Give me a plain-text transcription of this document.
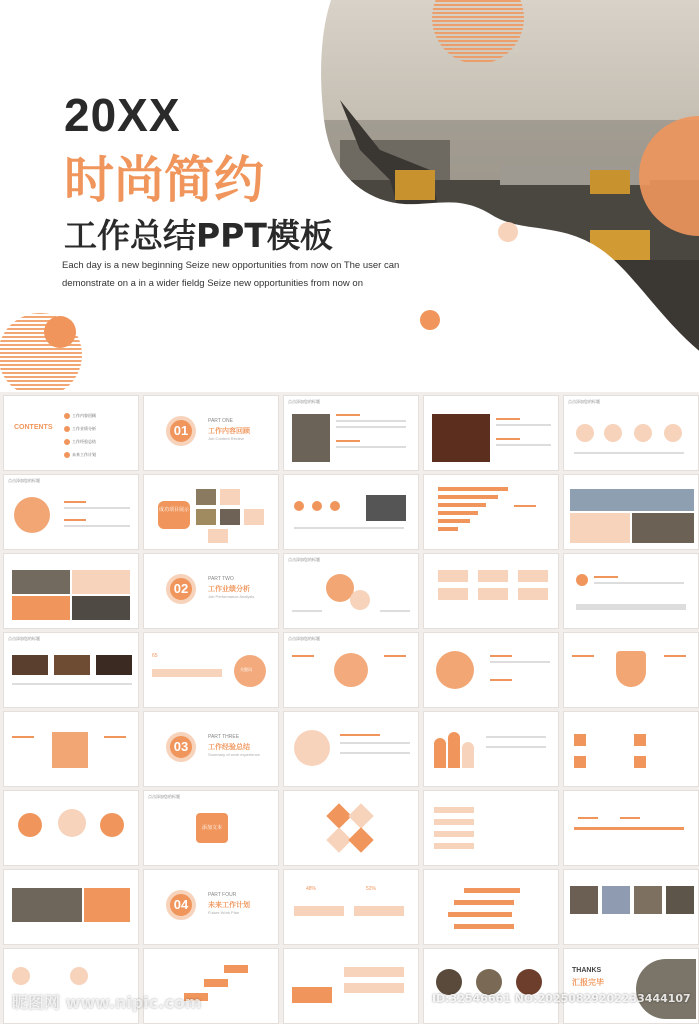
20XX
时尚简约
工作总结PPT模板
Each day is a new beginning Seize new opportunities from now on The user can
demonstrate on a in a wider fieldg Seize new opportunities from now on
CONTENTS
工作内容回顾
工作业绩分析
工作经验总结
未来工作计划
01
PART ONE
工作内容回顾
Job Content Review
点击添加您的标题	点击添加您的标题
点击添加您的标题
成功项目展示
02
PART TWO
工作业绩分析
Job Performance Analysis
点击添加您的标题
点击添加您的标题
65
关键词
点击添加您的标题
03
PART THREE
工作经验总结
Summary of work experience
点击添加您的标题
添加文本
04
PART FOUR
未来工作计划
Future Work Plan
48%	52%
THANKS
汇报完毕
昵图网 www.nipic.com	ID:32546661 NO:20250829202233444107
